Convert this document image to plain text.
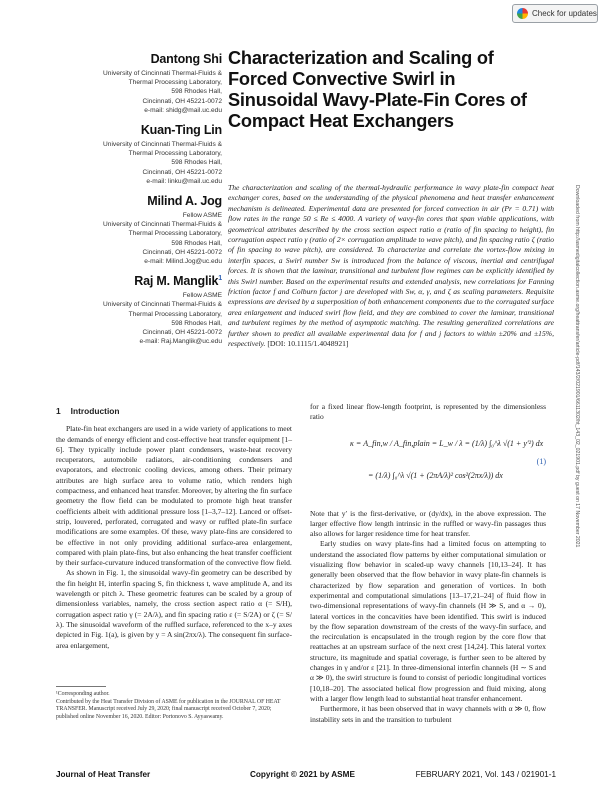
Check for updates
Downloaded from http://asmedigitalcollection.asme.org/heattransfer/article-pdf/143/2/021901/6611302/ht_143_02_021901.pdf by guest on 17 November 2021
Dantong Shi
University of Cincinnati Thermal-Fluids &
Thermal Processing Laboratory,
598 Rhodes Hall,
Cincinnati, OH 45221-0072
e-mail: shidg@mail.uc.edu
Kuan-Ting Lin
University of Cincinnati Thermal-Fluids &
Thermal Processing Laboratory,
598 Rhodes Hall,
Cincinnati, OH 45221-0072
e-mail: linku@mail.uc.edu
Milind A. Jog
Fellow ASME
University of Cincinnati Thermal-Fluids &
Thermal Processing Laboratory,
598 Rhodes Hall,
Cincinnati, OH 45221-0072
e-mail: Milind.Jog@uc.edu
Raj M. Manglik$^1$
Fellow ASME
University of Cincinnati Thermal-Fluids &
Thermal Processing Laboratory,
598 Rhodes Hall,
Cincinnati, OH 45221-0072
e-mail: Raj.Manglik@uc.edu
Characterization and Scaling of Forced Convective Swirl in Sinusoidal Wavy-Plate-Fin Cores of Compact Heat Exchangers
The characterization and scaling of the thermal-hydraulic performance in wavy plate-fin compact heat exchanger cores, based on the understanding of the physical phenomena and heat transfer enhancement mechanism is delineated. Experimental data are presented for forced convection in air (Pr = 0.71) with flow rates in the range 50 ≤ Re ≤ 4000. A variety of wavy-fin cores that span viable applications, with geometrical attributes described by the cross section aspect ratio α (ratio of fin spacing to height), fin corrugation aspect ratio γ (ratio of 2× corrugation amplitude to wave pitch), and fin spacing ratio ζ (ratio of fin spacing to wave pitch), are considered. To characterize and correlate the vortex-flow mixing in interfin spaces, a Swirl number Sw is introduced from the balance of viscous, inertial and centrifugal forces. It is shown that the laminar, transitional and turbulent flow regimes can be explicitly identified by this Swirl number. Based on the experimental results and extended analysis, new correlations for Fanning friction factor f and Colburn factor j are developed with Sw, α, γ, and ζ as scaling parameters. Requisite expressions are devised by a superposition of both enhancement components due to the corrugated surface area enlargement and induced swirl flow field, and they are combined to cover the laminar, transitional and turbulent regimes by the method of asymptotic matching. The resulting generalized correlations are further shown to predict all available experimental data for f and j factors to within ±20% and ±15%, respectively. [DOI: 10.1115/1.4048921]
1 Introduction

Plate-fin heat exchangers are used in a wide variety of applications to meet the demands of energy efficient and cost-effective heat transfer equipment [1–6]. They typically include power plant condensers, waste-heat recovery recuperators, automobile radiators, air-conditioning condensers and evaporators, and electronic cooling devices, among others. Their primary attributes are high surface area to volume ratio, which renders high compactness, and enhanced heat transfer. Moreover, by altering the fin surface geometry the flow field can be modulated to promote high heat transfer coefficients albeit with additional pressure loss [1–3,7–12]. Lanced or offset-strip, louvered, perforated, corrugated and wavy or ruffled plate-fin surface modifications are some examples. Of these, wavy plate-fins are considered to be effective in not only providing additional surface-area enlargement, compared with plain plate-fins, but also enhancing the heat transfer coefficient by their surface-curvature induced transformation of the convective flow field.

As shown in Fig. 1, the sinusoidal wavy-fin geometry can be described by the fin height H, interfin spacing S, fin thickness t, wave amplitude A, and its wavelength or pitch λ. These geometric features can be scaled by a group of dimensionless variables, namely, the cross section aspect ratio α (= S/H), corrugation aspect ratio γ (= 2A/λ), and fin spacing ratio ε (= S/2A) or ζ (= S/λ). The sinusoidal waveform of the ruffled surface, referenced to the x–y axes depicted in Fig. 1(a), is given by y = A sin(2πx/λ). The consequent fin surface-area enlargement,

for a fixed linear flow-length footprint, is represented by the dimensionless ratio

κ = A_fin,w / A_fin,plain = L_w / λ = (1/λ) ∫₀^λ √(1 + y′²) dx
= (1/λ) ∫₀^λ √(1 + (2πA/λ)² cos²(2πx/λ)) dx
(1)

Note that y′ is the first-derivative, or (dy/dx), in the above expression. The larger effective flow length intrinsic in the ruffled or wavy-fin passages thus also allows for larger residence time for heat transfer.

Early studies on wavy plate-fins had a limited focus on attempting to understand the associated flow patterns by either computational simulation or visualizing flow behavior in scaled-up wavy channels [10,13–24]. It has generally been observed that the flow behavior in wavy plate-fin channels is characterized by flow separation and generation of vortices. In both experimental and computational simulations [13–17,21–24] of fluid flow in two-dimensional representations of wavy-fin channels (H ≫ S, and α → 0), lateral vortices in the concavities have been identified. This swirl is induced by the flow separation downstream of the crests of the wavy-fin surface, and the recirculation is encapsulated in the trough region by the core flow that reattaches at an upstream surface of the next crest [14,24]. This lateral vortex structure, its magnitude and spatial coverage, is further seen to be altered by changes in γ and/or ε [21]. In three-dimensional interfin channels (H ∼ S and α ≫ 0), the swirl structure is found to consist of periodic longitudinal vortices [10,18–20]. The associated helical flow progression and fluid mixing, along with a larger flow length lead to substantial heat transfer enhancement.

Furthermore, it has been observed that in wavy channels with α ≫ 0, flow instability sets in and the transition to turbulent

¹Corresponding author.
Contributed by the Heat Transfer Division of ASME for publication in the JOURNAL OF HEAT TRANSFER. Manuscript received July 29, 2020; final manuscript received October 7, 2020; published online November 16, 2020. Editor: Portonovo S. Ayyaswamy.
Journal of Heat Transfer	Copyright © 2021 by ASME	FEBRUARY 2021, Vol. 143 / 021901-1
